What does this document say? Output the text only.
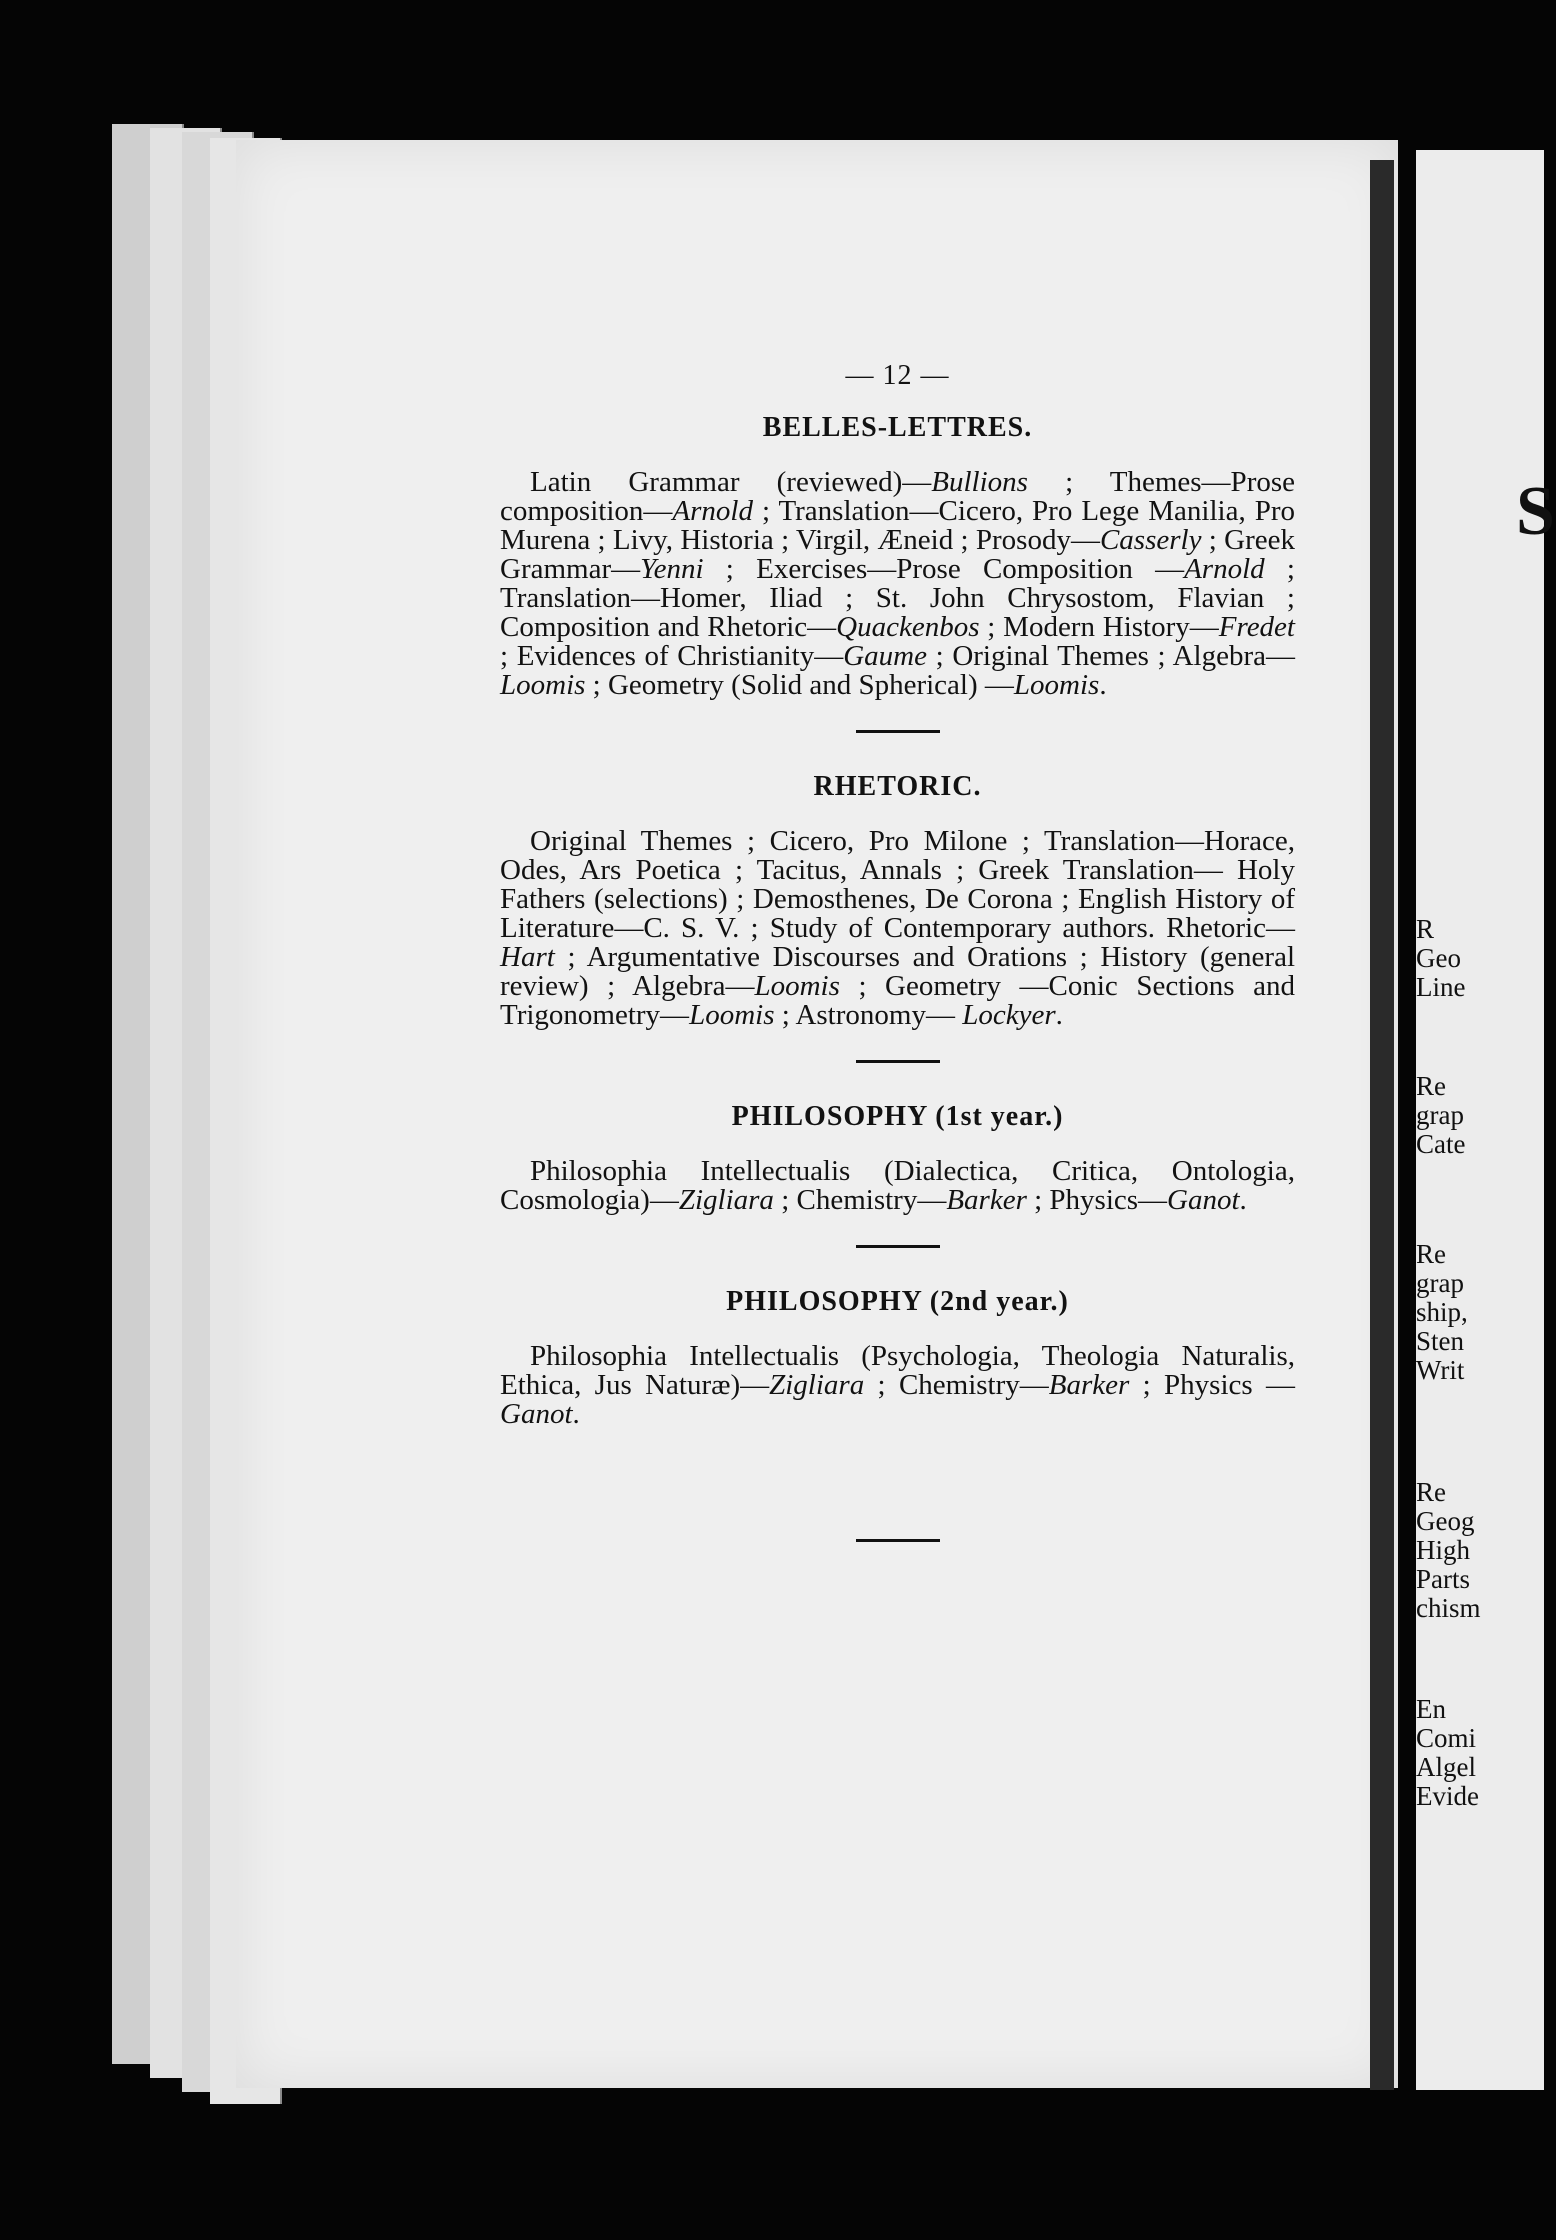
S
R
Geo
Line
Re
grap
Cate
Re
grap
ship,
Sten
Writ
Re
Geog
High
Parts
chism
En
Comi
Algel
Evide
— 12 —
BELLES-LETTRES.

Latin Grammar (reviewed)—Bullions ; Themes—Prose composition—Arnold ; Translation—Cicero, Pro Lege Manilia, Pro Murena ; Livy, Historia ; Virgil, Æneid ; Prosody—Casserly ; Greek Grammar—Yenni ; Exercises—Prose Composition —Arnold ; Translation—Homer, Iliad ; St. John Chrysostom, Flavian ; Composition and Rhetoric—Quackenbos ; Modern History—Fredet ; Evidences of Christianity—Gaume ; Original Themes ; Algebra—Loomis ; Geometry (Solid and Spherical) —Loomis.

RHETORIC.

Original Themes ; Cicero, Pro Milone ; Translation—Horace, Odes, Ars Poetica ; Tacitus, Annals ; Greek Translation— Holy Fathers (selections) ; Demosthenes, De Corona ; English History of Literature—C. S. V. ; Study of Contemporary authors. Rhetoric—Hart ; Argumentative Discourses and Orations ; History (general review) ; Algebra—Loomis ; Geometry —Conic Sections and Trigonometry—Loomis ; Astronomy— Lockyer.

PHILOSOPHY (1st year.)

Philosophia Intellectualis (Dialectica, Critica, Ontologia, Cosmologia)—Zigliara ; Chemistry—Barker ; Physics—Ganot.

PHILOSOPHY (2nd year.)

Philosophia Intellectualis (Psychologia, Theologia Naturalis, Ethica, Jus Naturæ)—Zigliara ; Chemistry—Barker ; Physics —Ganot.
